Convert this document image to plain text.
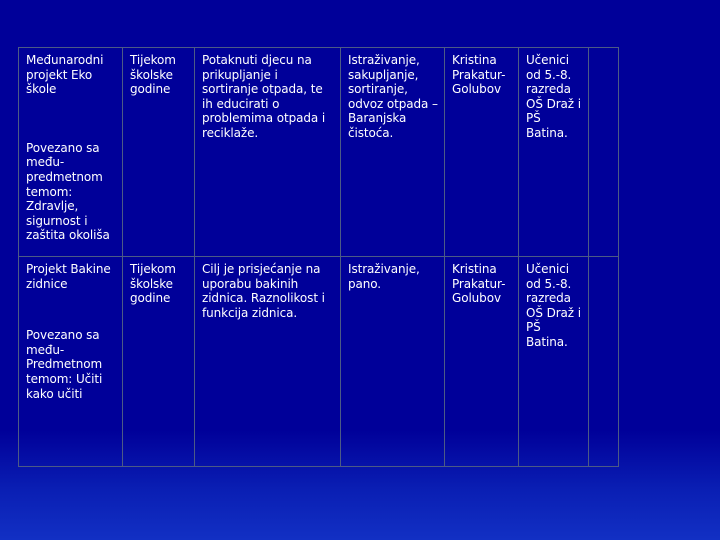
Međunarodni projekt Eko škole
Povezano sa među-predmetnom temom: Zdravlje, sigurnost i zaštita okoliša	Tijekom školske godine	Potaknuti djecu na prikupljanje i sortiranje otpada, te ih educirati o problemima otpada i reciklaže.	Istraživanje, sakupljanje, sortiranje, odvoz otpada – Baranjska čistoća.	Kristina Prakatur-Golubov	Učenici od 5.-8. razreda OŠ Draž i PŠ Batina.	

Projekt Bakine zidnice
Povezano sa među-Predmetnom temom: Učiti kako učiti	Tijekom školske godine	Cilj je prisjećanje na uporabu bakinih zidnica. Raznolikost i funkcija zidnica.	Istraživanje, pano.	Kristina Prakatur-Golubov	Učenici od 5.-8. razreda OŠ Draž i PŠ Batina.	
